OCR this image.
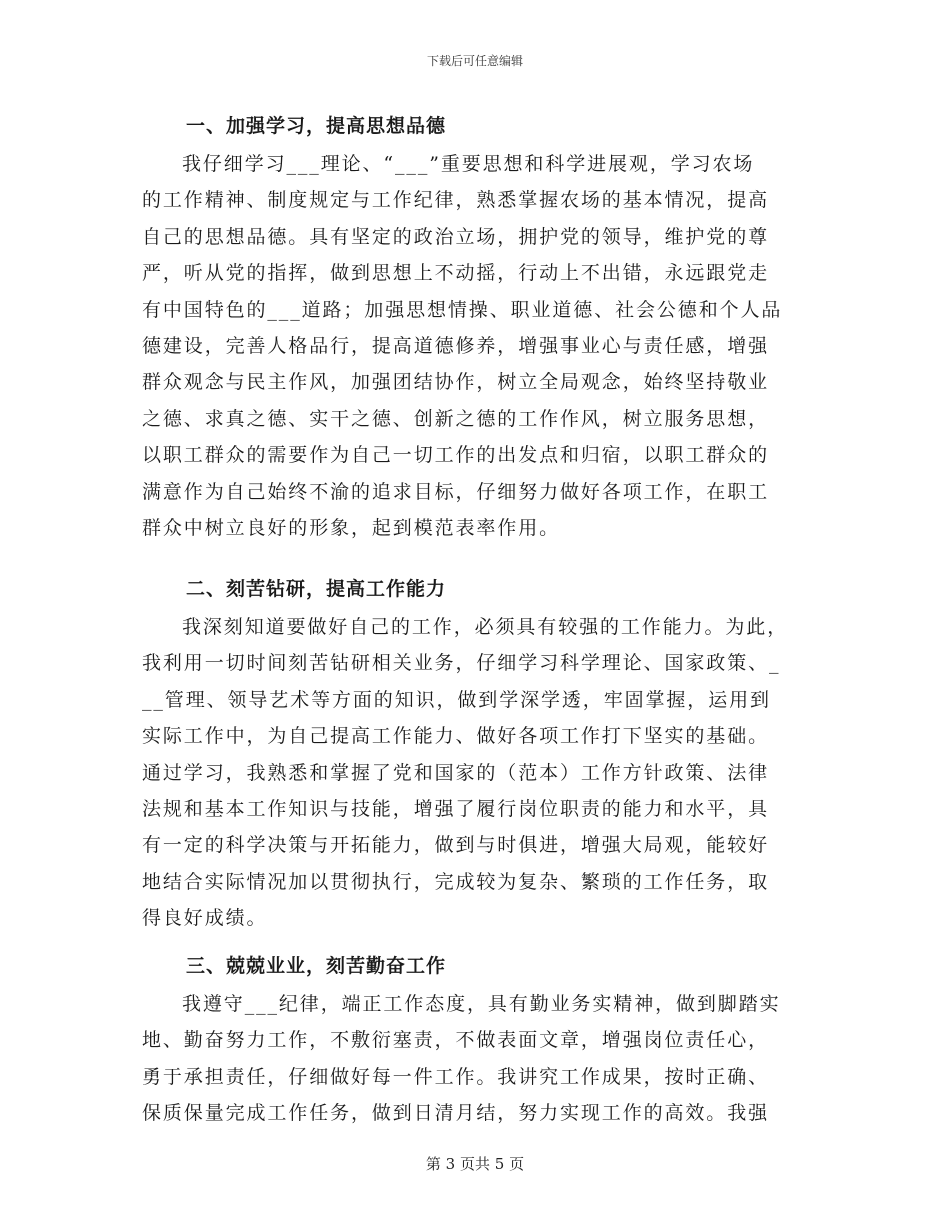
下载后可任意编辑
一、加强学习，提高思想品德
我仔细学习___理论、“___”重要思想和科学进展观，学习农场
的工作精神、制度规定与工作纪律，熟悉掌握农场的基本情况，提高
自己的思想品德。具有坚定的政治立场，拥护党的领导，维护党的尊
严，听从党的指挥，做到思想上不动摇，行动上不出错，永远跟党走
有中国特色的___道路；加强思想情操、职业道德、社会公德和个人品
德建设，完善人格品行，提高道德修养，增强事业心与责任感，增强
群众观念与民主作风，加强团结协作，树立全局观念，始终坚持敬业
之德、求真之德、实干之德、创新之德的工作作风，树立服务思想，
以职工群众的需要作为自己一切工作的出发点和归宿，以职工群众的
满意作为自己始终不渝的追求目标，仔细努力做好各项工作，在职工
群众中树立良好的形象，起到模范表率作用。
二、刻苦钻研，提高工作能力
我深刻知道要做好自己的工作，必须具有较强的工作能力。为此，
我利用一切时间刻苦钻研相关业务，仔细学习科学理论、国家政策、_
__管理、领导艺术等方面的知识，做到学深学透，牢固掌握，运用到
实际工作中，为自己提高工作能力、做好各项工作打下坚实的基础。
通过学习，我熟悉和掌握了党和国家的（范本）工作方针政策、法律
法规和基本工作知识与技能，增强了履行岗位职责的能力和水平，具
有一定的科学决策与开拓能力，做到与时俱进，增强大局观，能较好
地结合实际情况加以贯彻执行，完成较为复杂、繁琐的工作任务，取
得良好成绩。
三、兢兢业业，刻苦勤奋工作
我遵守___纪律，端正工作态度，具有勤业务实精神，做到脚踏实
地、勤奋努力工作，不敷衍塞责，不做表面文章，增强岗位责任心，
勇于承担责任，仔细做好每一件工作。我讲究工作成果，按时正确、
保质保量完成工作任务，做到日清月结，努力实现工作的高效。我强
第 3 页共 5 页
